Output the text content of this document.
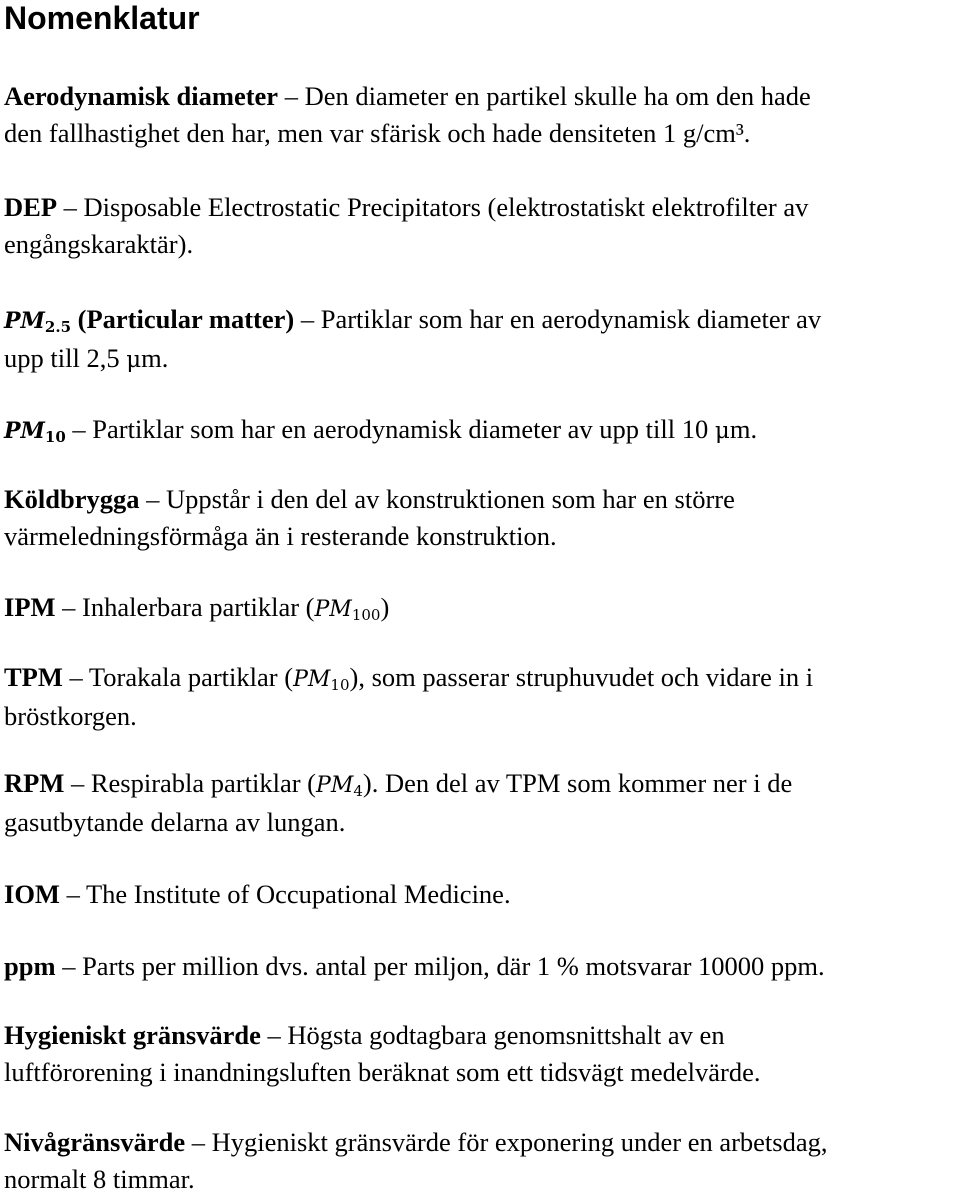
Nomenklatur
Aerodynamisk diameter – Den diameter en partikel skulle ha om den hade
den fallhastighet den har, men var sfärisk och hade densiteten 1 g/cm³.
DEP – Disposable Electrostatic Precipitators (elektrostatiskt elektrofilter av
engångskaraktär).
$PM_{2.5}$ (Particular matter) – Partiklar som har en aerodynamisk diameter av
upp till 2,5 μm.
$PM_{10}$ – Partiklar som har en aerodynamisk diameter av upp till 10 μm.
Köldbrygga – Uppstår i den del av konstruktionen som har en större
värmeledningsförmåga än i resterande konstruktion.
IPM – Inhalerbara partiklar $(PM_{100})$
TPM – Torakala partiklar $(PM_{10})$, som passerar struphuvudet och vidare in i
bröstkorgen.
RPM – Respirabla partiklar $(PM_4)$. Den del av TPM som kommer ner i de
gasutbytande delarna av lungan.
IOM – The Institute of Occupational Medicine.
ppm – Parts per million dvs. antal per miljon, där 1 % motsvarar 10000 ppm.
Hygieniskt gränsvärde – Högsta godtagbara genomsnittshalt av en
luftförorening i inandningsluften beräknat som ett tidsvägt medelvärde.
Nivågränsvärde – Hygieniskt gränsvärde för exponering under en arbetsdag,
normalt 8 timmar.
